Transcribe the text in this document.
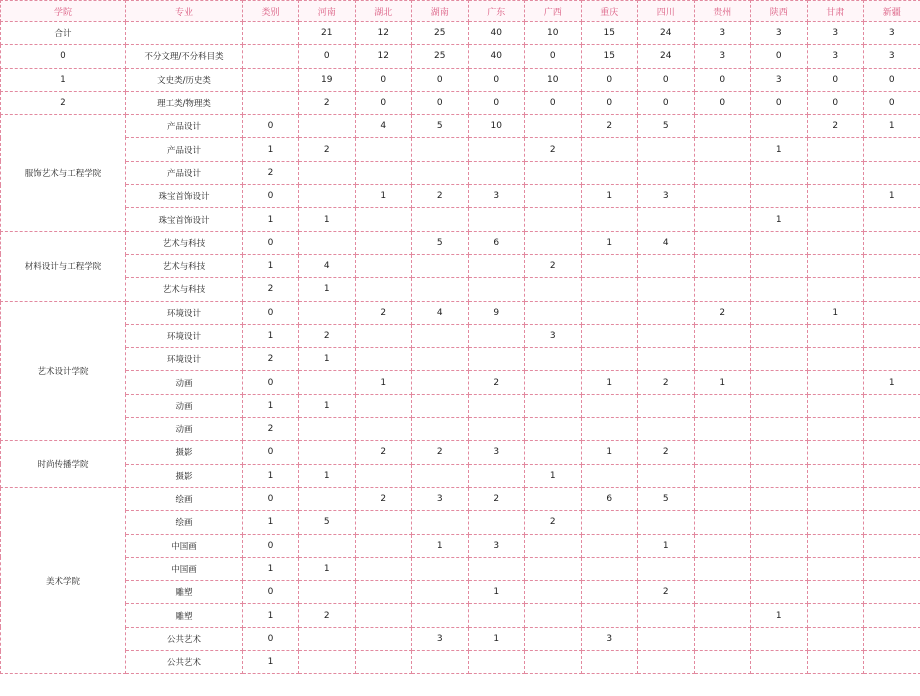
学院	专业	类别	河南	湖北	湖南	广东	广西	重庆	四川	贵州	陕西	甘肃	新疆
合计			21	12	25	40	10	15	24	3	3	3	3
0	不分文理/不分科目类		0	12	25	40	0	15	24	3	0	3	3
1	文史类/历史类		19	0	0	0	10	0	0	0	3	0	0
2	理工类/物理类		2	0	0	0	0	0	0	0	0	0	0
服饰艺术与工程学院	产品设计	0		4	5	10		2	5			2	1
	产品设计	1	2				2				1		
	产品设计	2											
	珠宝首饰设计	0		1	2	3		1	3				1
	珠宝首饰设计	1	1								1		
材料设计与工程学院	艺术与科技	0			5	6		1	4				
	艺术与科技	1	4				2						
	艺术与科技	2	1										
艺术设计学院	环境设计	0		2	4	9				2		1	
	环境设计	1	2				3						
	环境设计	2	1										
	动画	0		1		2		1	2	1			1
	动画	1	1										
	动画	2											
时尚传播学院	摄影	0		2	2	3		1	2				
	摄影	1	1				1						
美术学院	绘画	0		2	3	2		6	5				
	绘画	1	5				2						
	中国画	0			1	3			1				
	中国画	1	1										
	雕塑	0				1			2				
	雕塑	1	2								1		
	公共艺术	0			3	1		3					
	公共艺术	1											
